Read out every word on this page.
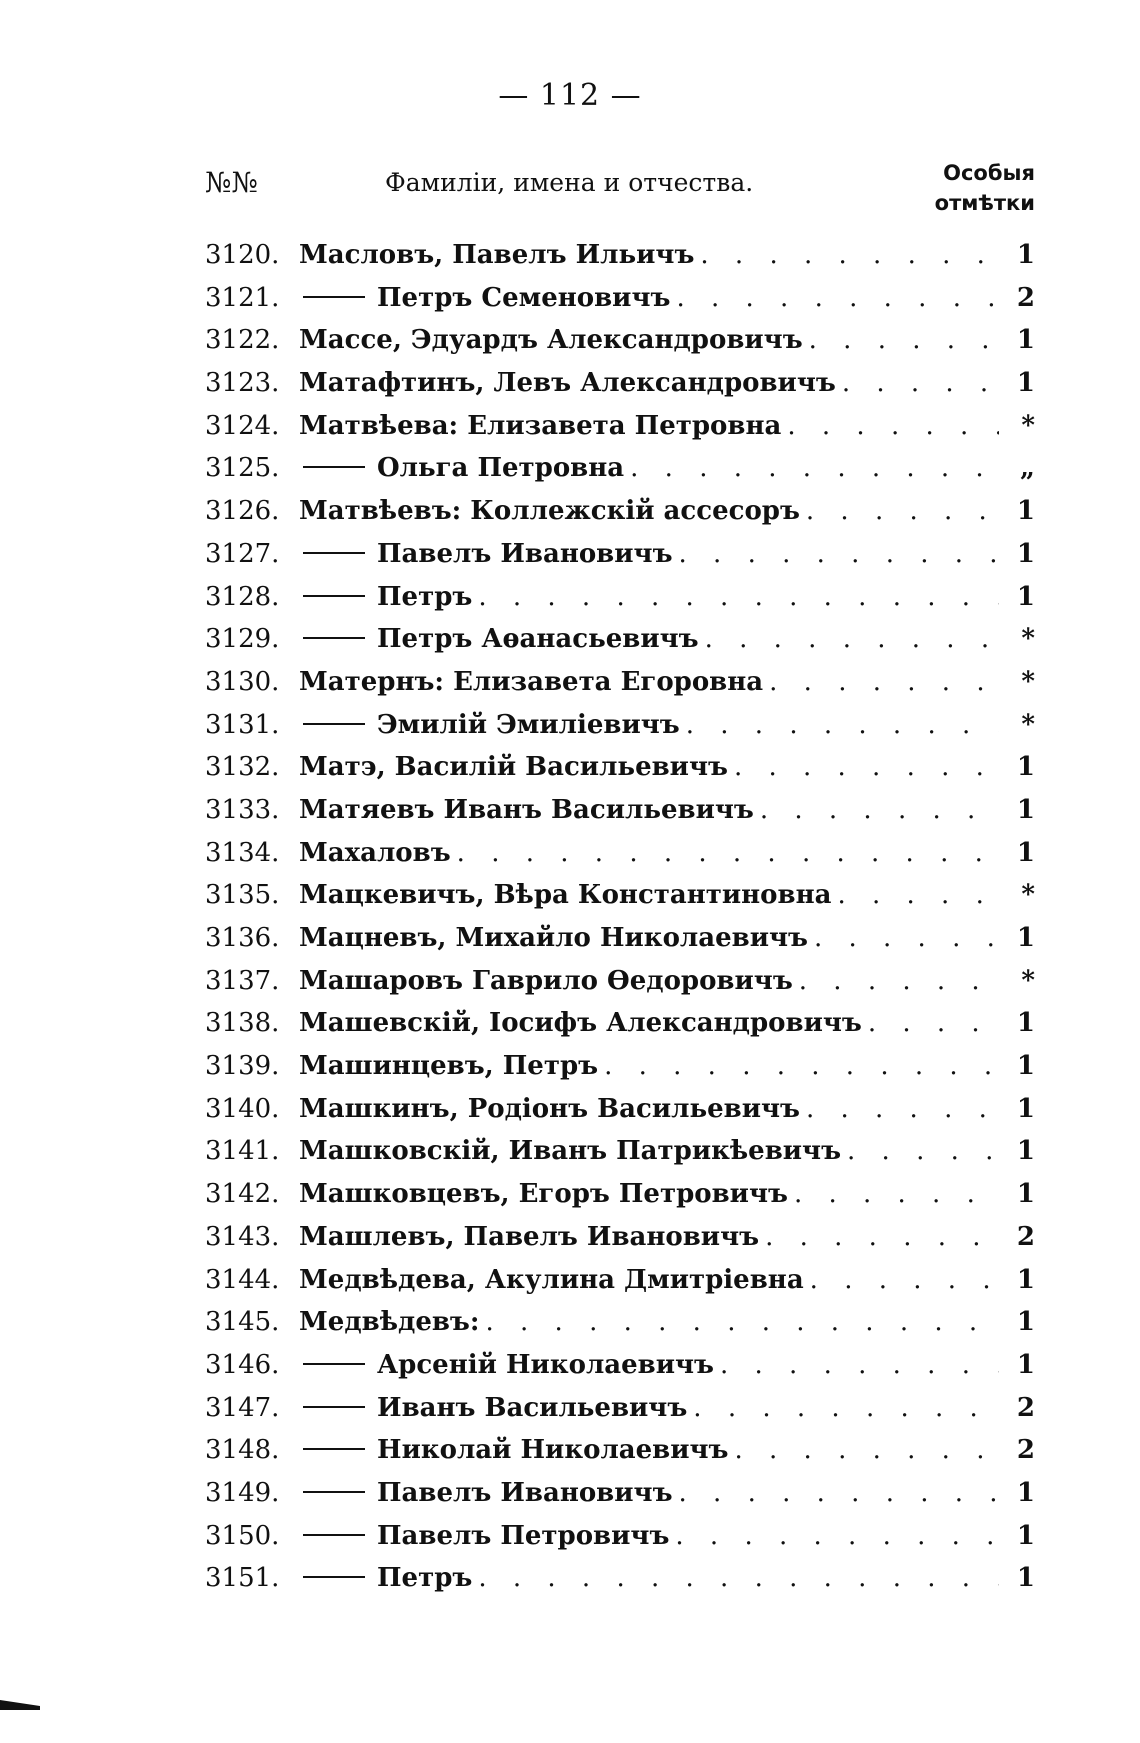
— 112 —
№№	Фамиліи, имена и отчества.	Особыя
отмѣтки
3120. Масловъ, Павелъ Ильичъ . . .	1
3121.	Петръ Семеновичъ . . .	2
3122. Массе, Эдуардъ Александровичъ . . .	1
3123. Матафтинъ, Левъ Александровичъ . . .	1
3124. Матвѣева: Елизавета Петровна . . .	*
3125.	Ольга Петровна . . .	„
3126. Матвѣевъ: Коллежскій ассесоръ . . .	1
3127.	Павелъ Ивановичъ . . .	1
3128.	Петръ . . .	1
3129.	Петръ Аѳанасьевичъ . . .	*
3130. Матернъ: Елизавета Егоровна . . .	*
3131.	Эмилій Эмиліевичъ . . .	*
3132. Матэ, Василій Васильевичъ . . .	1
3133. Матяевъ Иванъ Васильевичъ . . .	1
3134. Махаловъ . . .	1
3135. Мацкевичъ, Вѣра Константиновна . . .	*
3136. Мацневъ, Михайло Николаевичъ . . .	1
3137. Машаровъ Гаврило Ѳедоровичъ . . .	*
3138. Машевскій, Іосифъ Александровичъ . . .	1
3139. Машинцевъ, Петръ . . .	1
3140. Машкинъ, Родіонъ Васильевичъ . . .	1
3141. Машковскій, Иванъ Патрикѣевичъ . . .	1
3142. Машковцевъ, Егоръ Петровичъ . . .	1
3143. Машлевъ, Павелъ Ивановичъ . . .	2
3144. Медвѣдева, Акулина Дмитріевна . . .	1
3145. Медвѣдевъ: . . .	1
3146.	Арсеній Николаевичъ . . .	1
3147.	Иванъ Васильевичъ . . .	2
3148.	Николай Николаевичъ . . .	2
3149.	Павелъ Ивановичъ . . .	1
3150.	Павелъ Петровичъ . . .	1
3151.	Петръ . . .	1
